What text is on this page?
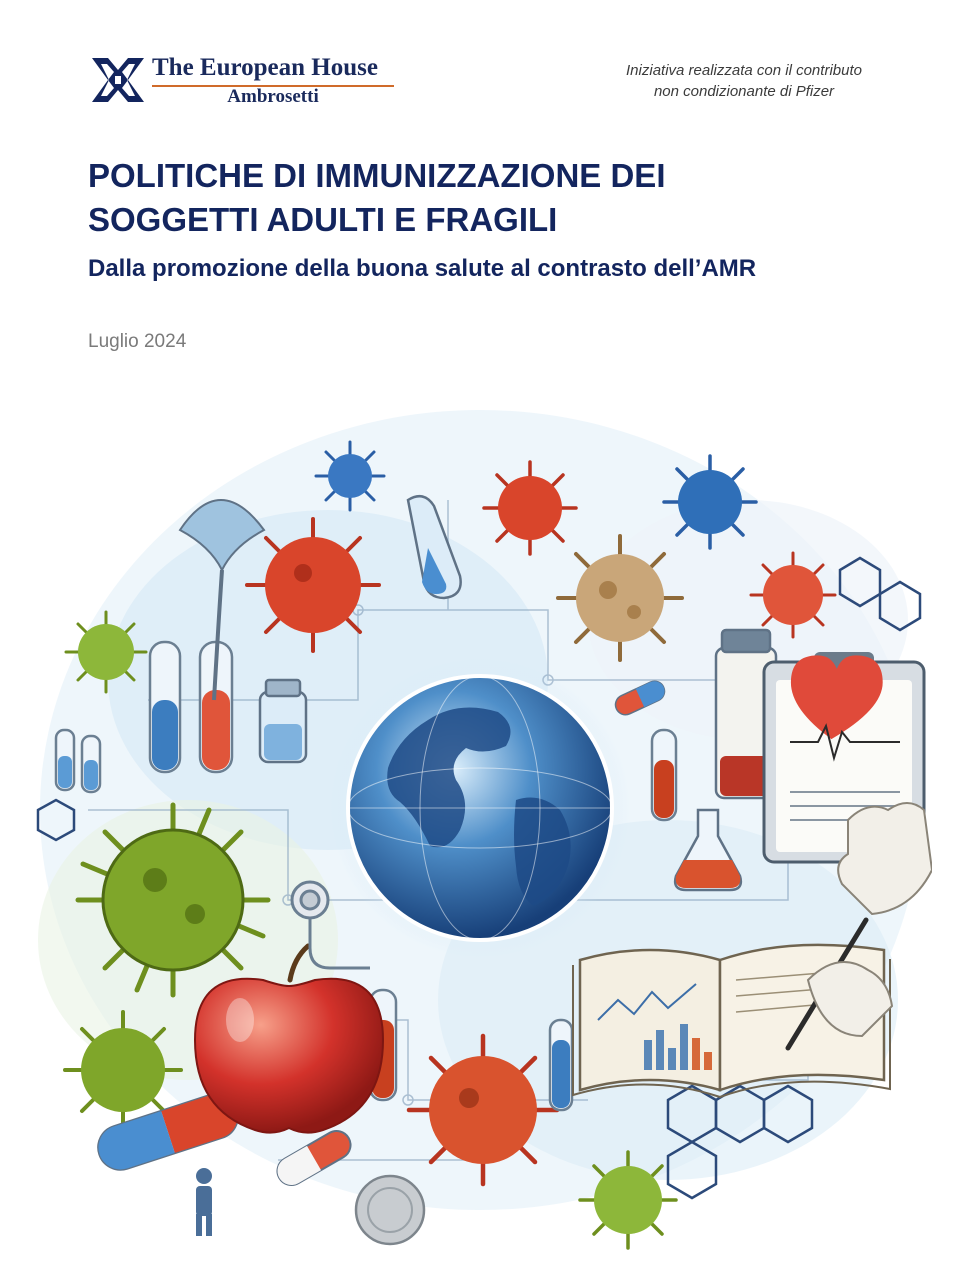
The European House
Ambrosetti
Iniziativa realizzata con il contributo
non condizionante di Pfizer
POLITICHE DI IMMUNIZZAZIONE DEI
SOGGETTI ADULTI E FRAGILI
Dalla promozione della buona salute al contrasto dell’AMR
Luglio 2024
